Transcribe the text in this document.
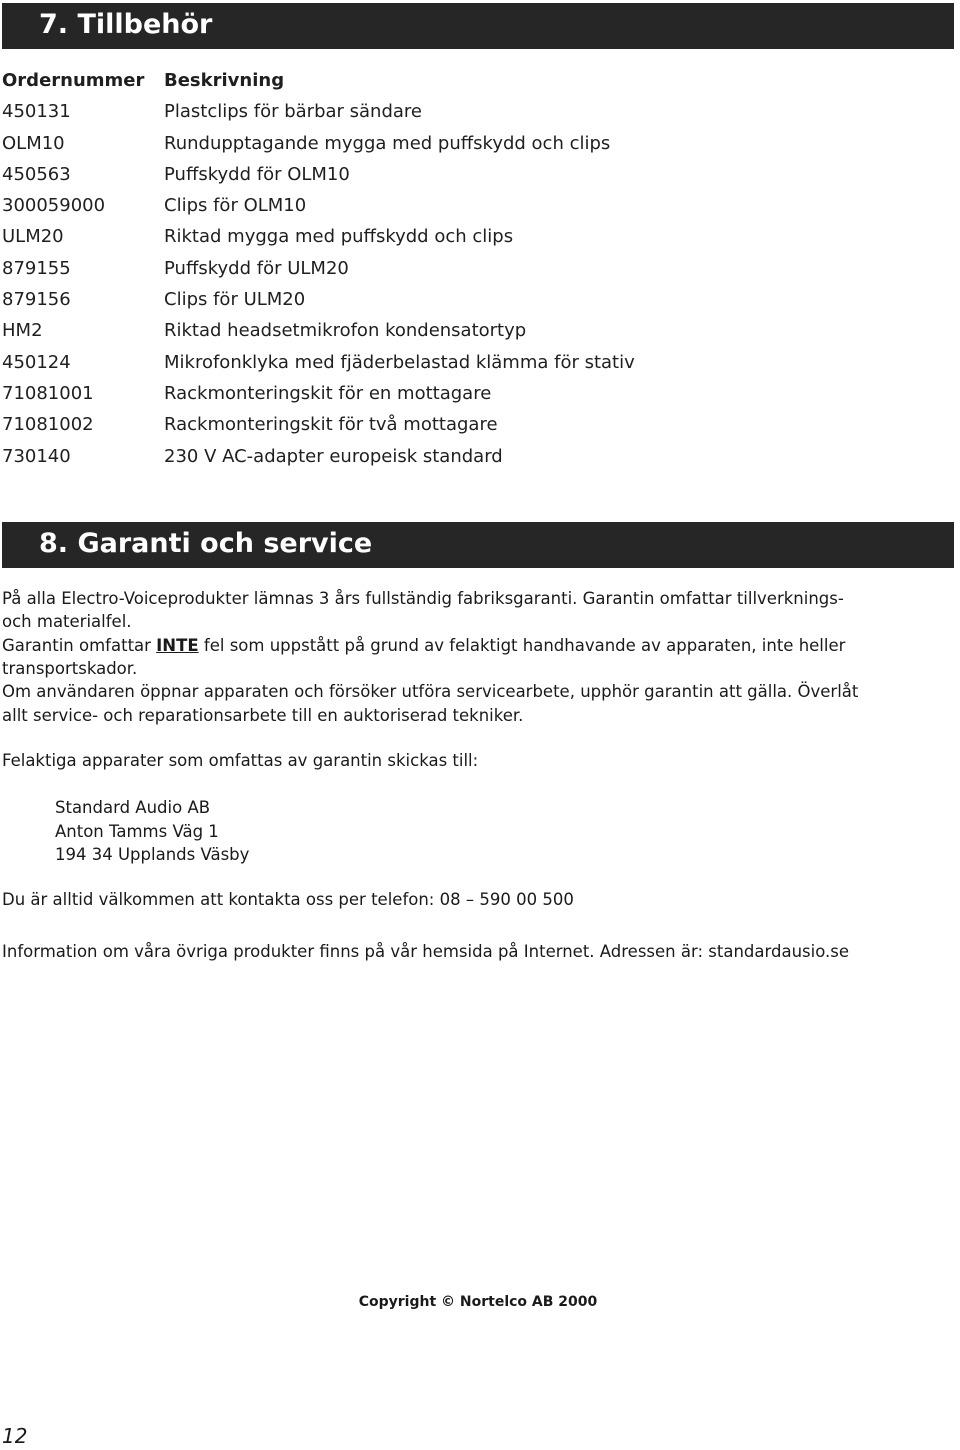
7. Tillbehör
Ordernummer Beskrivning
450131	Plastclips för bärbar sändare
OLM10	Rundupptagande mygga med puffskydd och clips
450563	Puffskydd för OLM10
300059000	Clips för OLM10
ULM20	Riktad mygga med puffskydd och clips
879155	Puffskydd för ULM20
879156	Clips för ULM20
HM2	Riktad headsetmikrofon kondensatortyp
450124	Mikrofonklyka med fjäderbelastad klämma för stativ
71081001	Rackmonteringskit för en mottagare
71081002	Rackmonteringskit för två mottagare
730140	230 V AC-adapter europeisk standard
8. Garanti och service
På alla Electro-Voiceprodukter lämnas 3 års fullständig fabriksgaranti. Garantin omfattar tillverknings-
och materialfel.
Garantin omfattar INTE fel som uppstått på grund av felaktigt handhavande av apparaten, inte heller
transportskador.
Om användaren öppnar apparaten och försöker utföra servicearbete, upphör garantin att gälla. Överlåt
allt service- och reparationsarbete till en auktoriserad tekniker.
Felaktiga apparater som omfattas av garantin skickas till:
Standard Audio AB
Anton Tamms Väg 1
194 34 Upplands Väsby
Du är alltid välkommen att kontakta oss per telefon: 08 – 590 00 500
Information om våra övriga produkter finns på vår hemsida på Internet. Adressen är: standardausio.se
Copyright © Nortelco AB 2000
12
